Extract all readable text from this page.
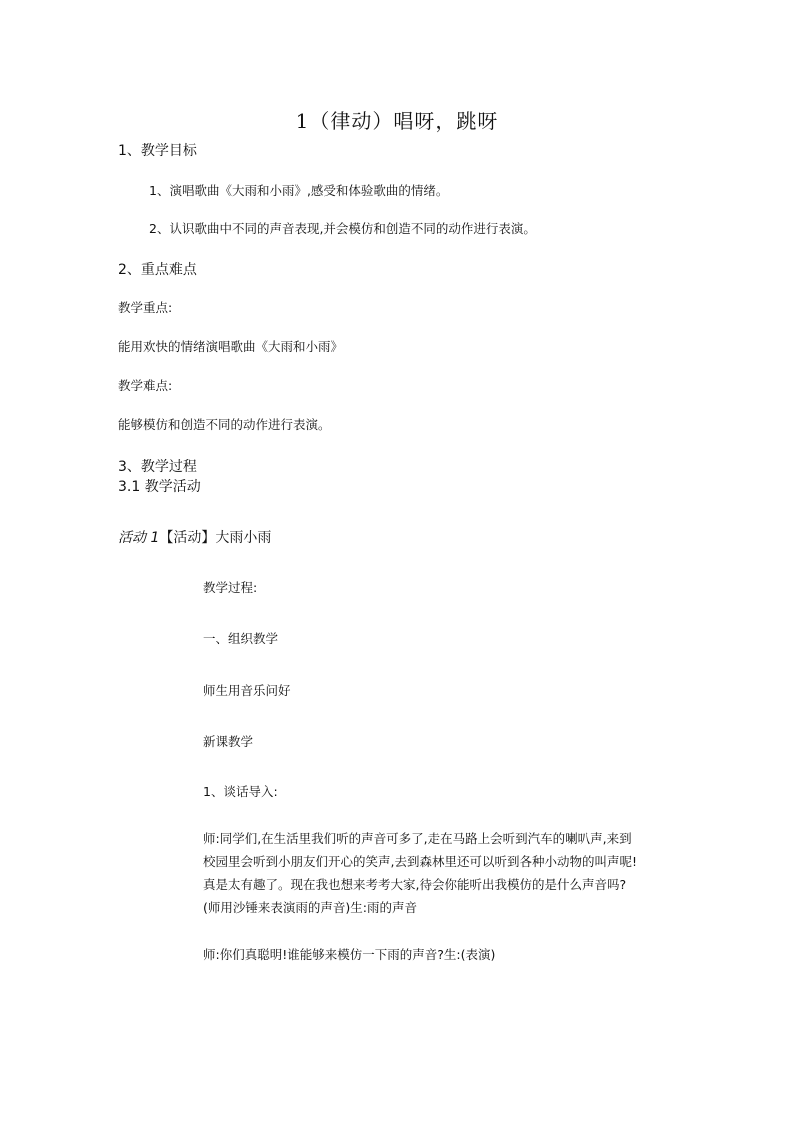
1（律动）唱呀，跳呀

1、教学目标

1、演唱歌曲《大雨和小雨》,感受和体验歌曲的情绪。

2、认识歌曲中不同的声音表现,并会模仿和创造不同的动作进行表演。

2、重点难点

教学重点:

能用欢快的情绪演唱歌曲《大雨和小雨》

教学难点:

能够模仿和创造不同的动作进行表演。

3、教学过程

3.1 教学活动

活动 1【活动】大雨小雨

教学过程:

一、组织教学

师生用音乐问好

新课教学

1、谈话导入:

师:同学们,在生活里我们听的声音可多了,走在马路上会听到汽车的喇叭声,来到校园里会听到小朋友们开心的笑声,去到森林里还可以听到各种小动物的叫声呢!真是太有趣了。现在我也想来考考大家,待会你能听出我模仿的是什么声音吗?(师用沙锤来表演雨的声音)生:雨的声音

师:你们真聪明!谁能够来模仿一下雨的声音?生:(表演)
